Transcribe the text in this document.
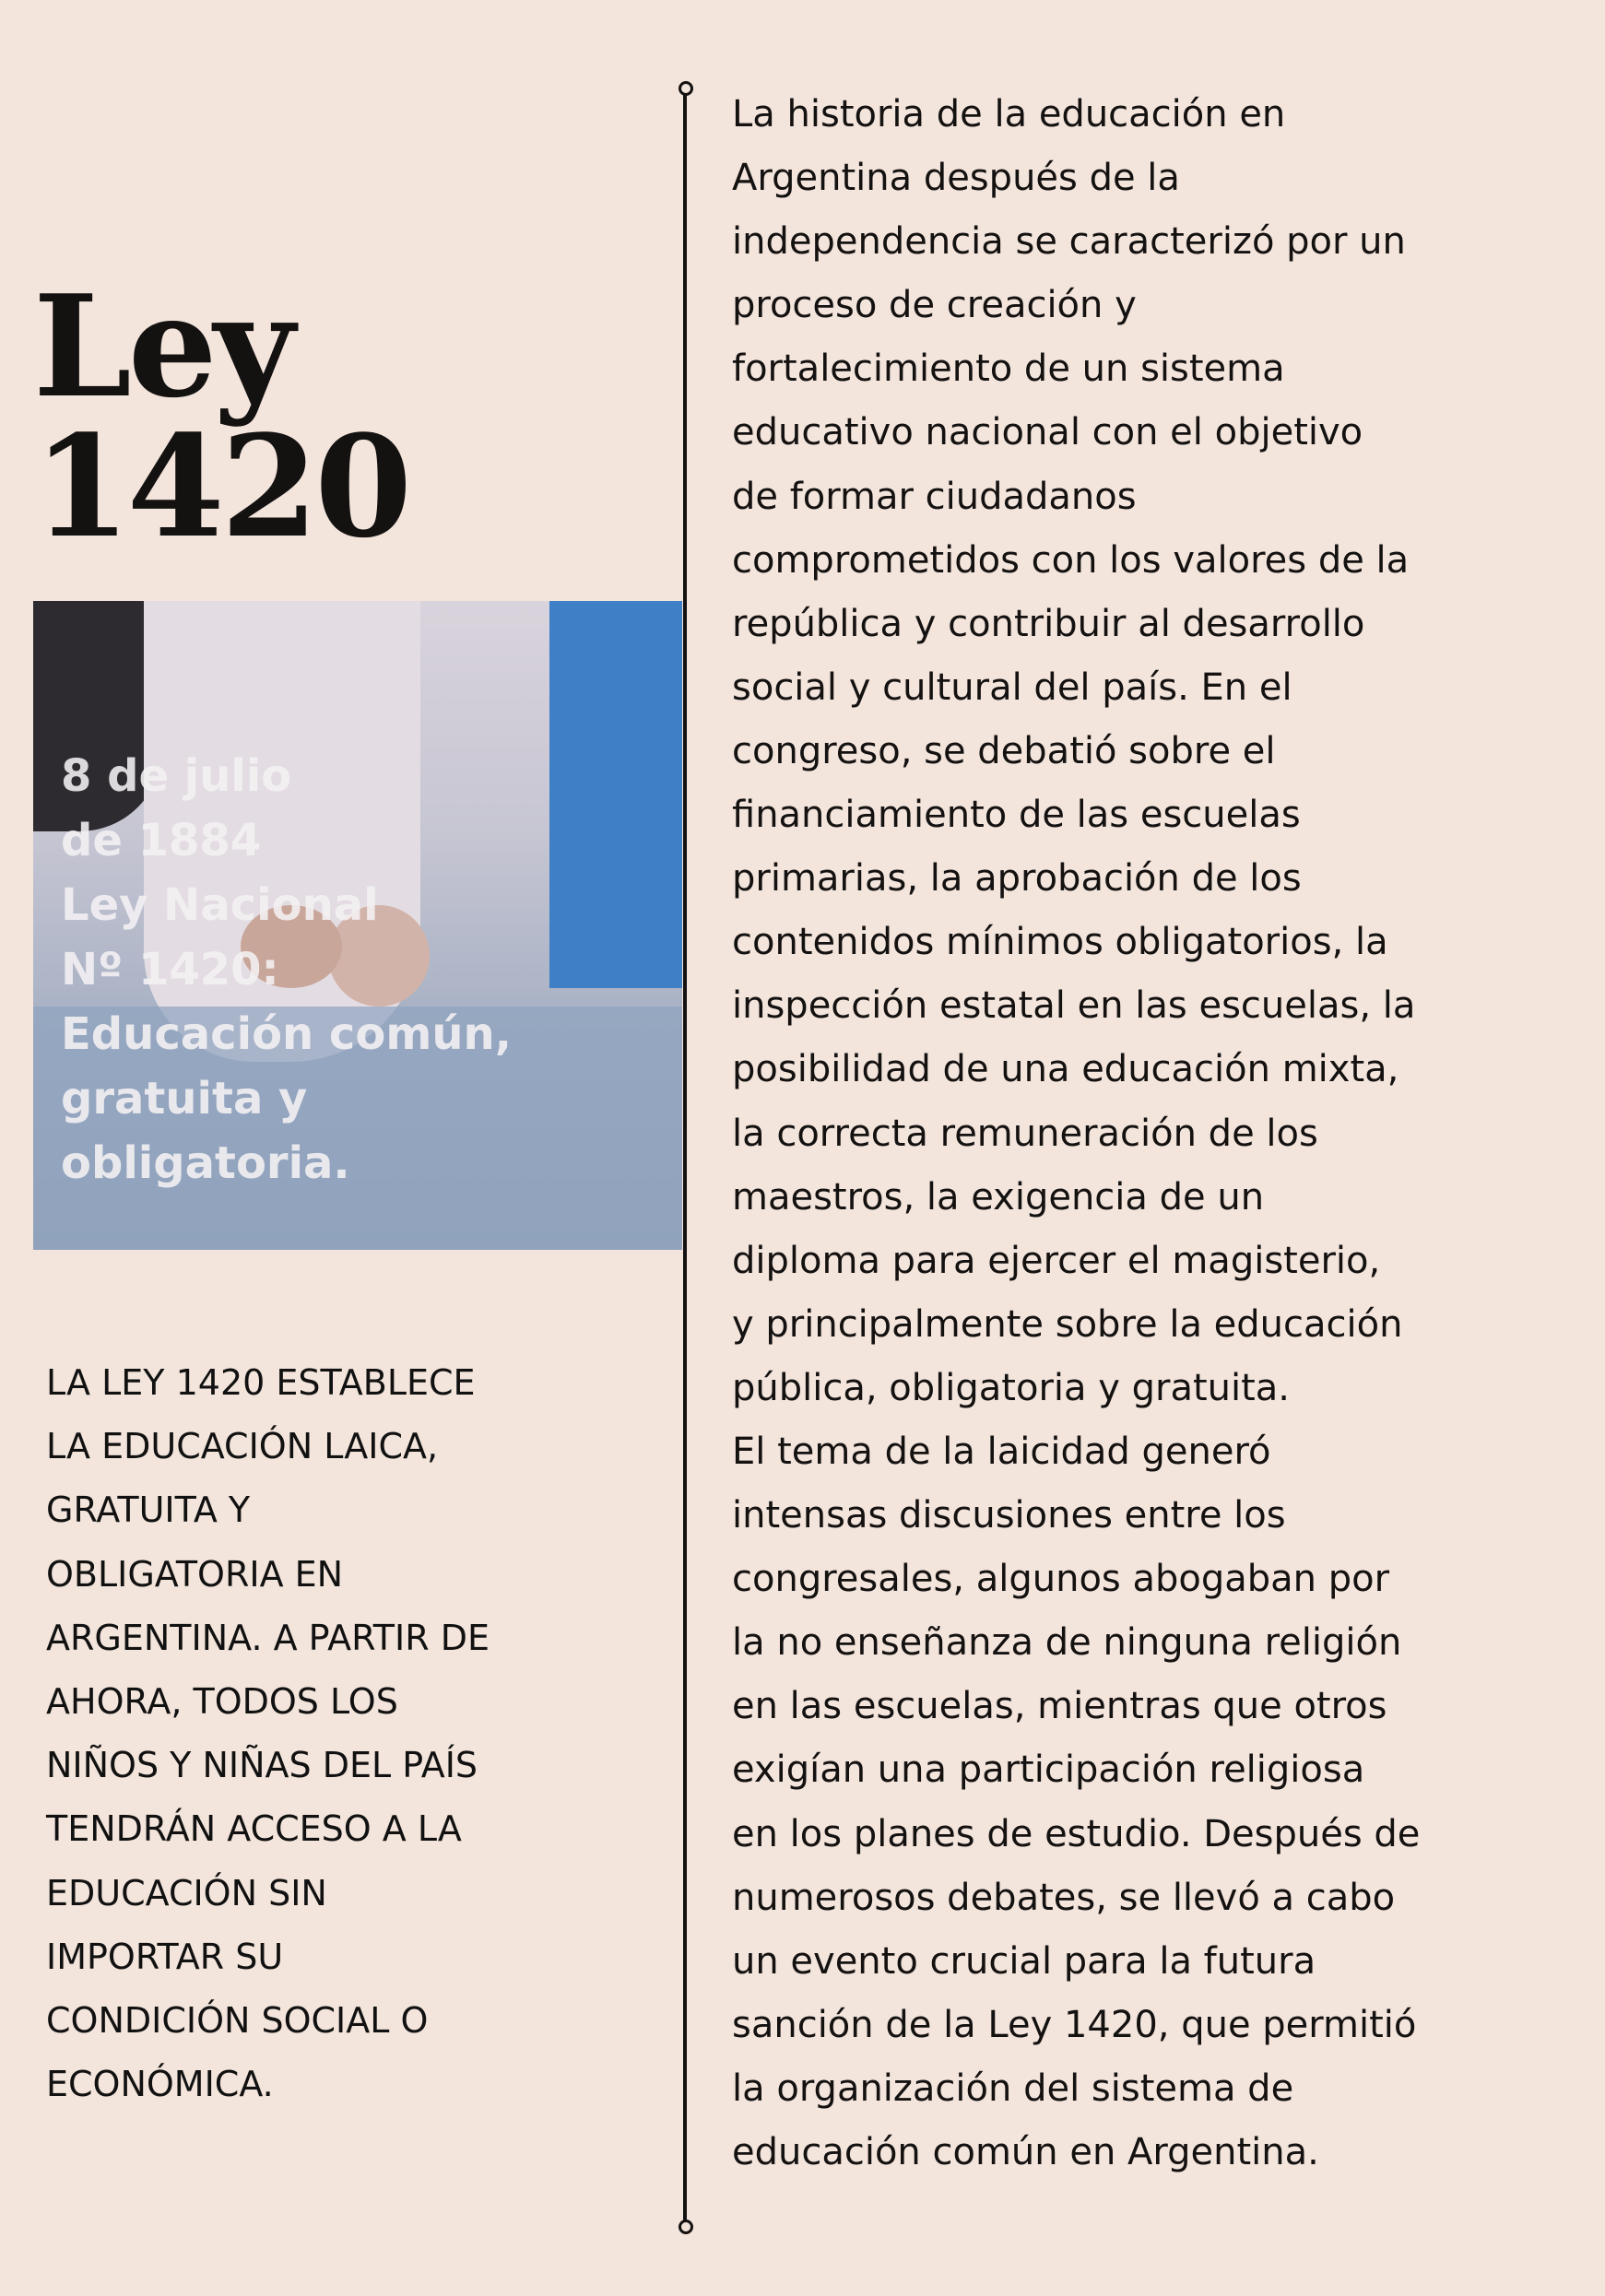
Ley 1420

8 de julio
de 1884
Ley Nacional
Nº 1420:
Educación común,
gratuita y
obligatoria.

LA LEY 1420 ESTABLECE
LA EDUCACIÓN LAICA,
GRATUITA Y
OBLIGATORIA EN
ARGENTINA. A PARTIR DE
AHORA, TODOS LOS
NIÑOS Y NIÑAS DEL PAÍS
TENDRÁN ACCESO A LA
EDUCACIÓN SIN
IMPORTAR SU
CONDICIÓN SOCIAL O
ECONÓMICA.

La historia de la educación en
Argentina después de la
independencia se caracterizó por un
proceso de creación y
fortalecimiento de un sistema
educativo nacional con el objetivo
de formar ciudadanos
comprometidos con los valores de la
república y contribuir al desarrollo
social y cultural del país. En el
congreso, se debatió sobre el
financiamiento de las escuelas
primarias, la aprobación de los
contenidos mínimos obligatorios, la
inspección estatal en las escuelas, la
posibilidad de una educación mixta,
la correcta remuneración de los
maestros, la exigencia de un
diploma para ejercer el magisterio,
y principalmente sobre la educación
pública, obligatoria y gratuita.
El tema de la laicidad generó
intensas discusiones entre los
congresales, algunos abogaban por
la no enseñanza de ninguna religión
en las escuelas, mientras que otros
exigían una participación religiosa
en los planes de estudio. Después de
numerosos debates, se llevó a cabo
un evento crucial para la futura
sanción de la Ley 1420, que permitió
la organización del sistema de
educación común en Argentina.
